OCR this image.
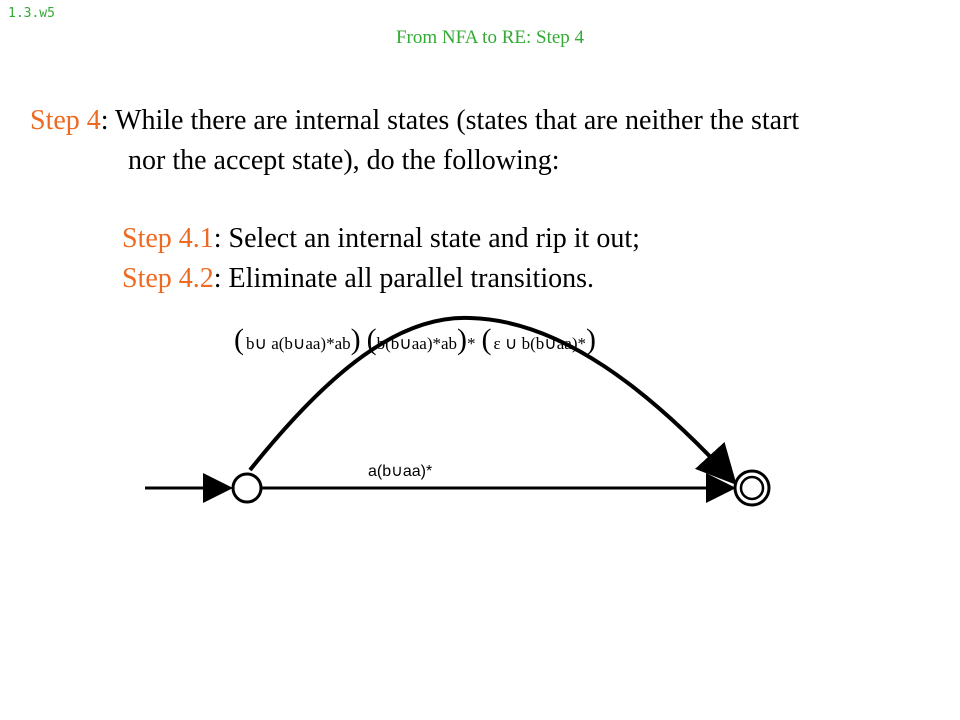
1.3.w5
From NFA to RE: Step 4
Step 4: While there are internal states (states that are neither the start
nor the accept state), do the following:
Step 4.1: Select an internal state and rip it out;
Step 4.2: Eliminate all parallel transitions.
( b∪ a(b∪aa)*ab) (b(b∪aa)*ab)* ( ε ∪ b(b∪aa)*)
a(b∪aa)*
